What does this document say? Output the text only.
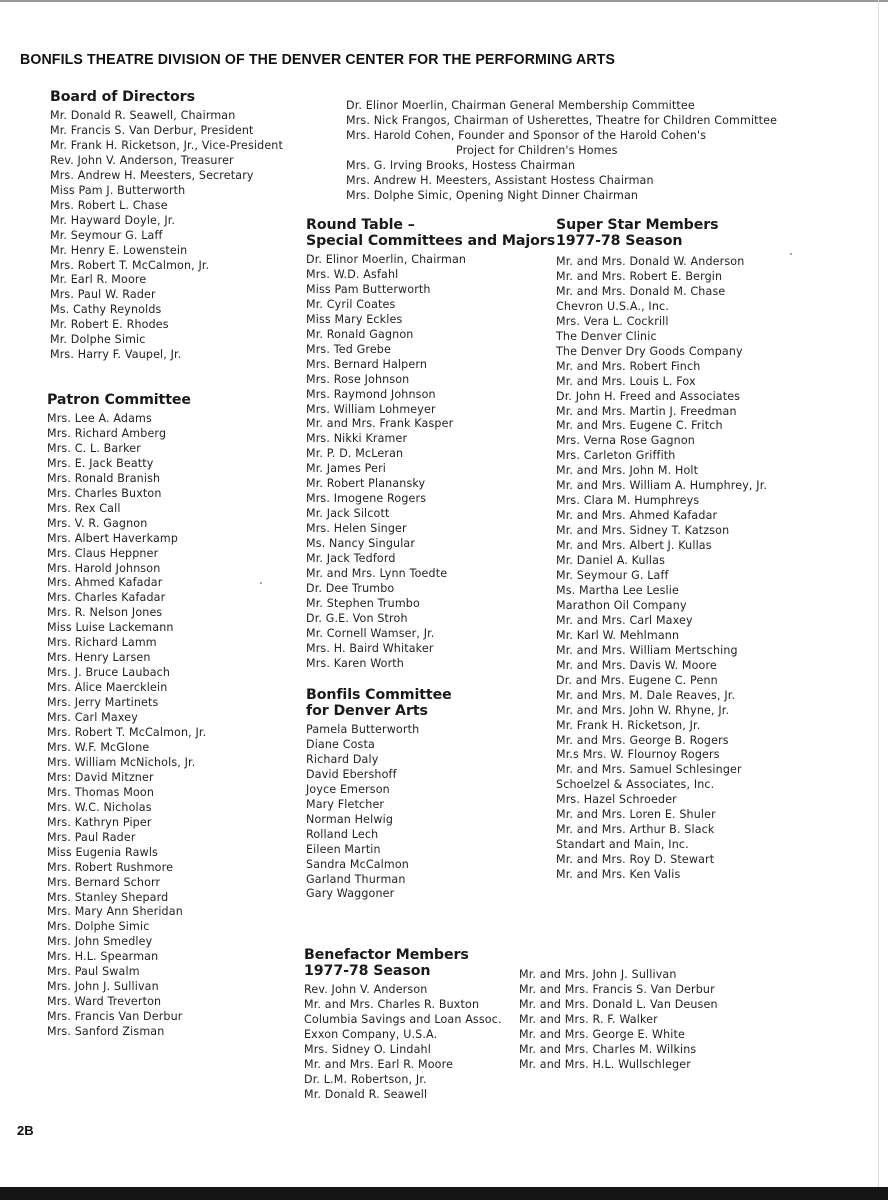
BONFILS THEATRE DIVISION OF THE DENVER CENTER FOR THE PERFORMING ARTS
Board of Directors
Mr. Donald R. Seawell, Chairman
Mr. Francis S. Van Derbur, President
Mr. Frank H. Ricketson, Jr., Vice-President
Rev. John V. Anderson, Treasurer
Mrs. Andrew H. Meesters, Secretary
Miss Pam J. Butterworth
Mrs. Robert L. Chase
Mr. Hayward Doyle, Jr.
Mr. Seymour G. Laff
Mr. Henry E. Lowenstein
Mrs. Robert T. McCalmon, Jr.
Mr. Earl R. Moore
Mrs. Paul W. Rader
Ms. Cathy Reynolds
Mr. Robert E. Rhodes
Mr. Dolphe Simic
Mrs. Harry F. Vaupel, Jr.
Dr. Elinor Moerlin, Chairman General Membership Committee
Mrs. Nick Frangos, Chairman of Usherettes, Theatre for Children Committee
Mrs. Harold Cohen, Founder and Sponsor of the Harold Cohen's
Project for Children's Homes
Mrs. G. Irving Brooks, Hostess Chairman
Mrs. Andrew H. Meesters, Assistant Hostess Chairman
Mrs. Dolphe Simic, Opening Night Dinner Chairman
Patron Committee
Mrs. Lee A. Adams
Mrs. Richard Amberg
Mrs. C. L. Barker
Mrs. E. Jack Beatty
Mrs. Ronald Branish
Mrs. Charles Buxton
Mrs. Rex Call
Mrs. V. R. Gagnon
Mrs. Albert Haverkamp
Mrs. Claus Heppner
Mrs. Harold Johnson
Mrs. Ahmed Kafadar
Mrs. Charles Kafadar
Mrs. R. Nelson Jones
Miss Luise Lackemann
Mrs. Richard Lamm
Mrs. Henry Larsen
Mrs. J. Bruce Laubach
Mrs. Alice Maercklein
Mrs. Jerry Martinets
Mrs. Carl Maxey
Mrs. Robert T. McCalmon, Jr.
Mrs. W.F. McGlone
Mrs. William McNichols, Jr.
Mrs: David Mitzner
Mrs. Thomas Moon
Mrs. W.C. Nicholas
Mrs. Kathryn Piper
Mrs. Paul Rader
Miss Eugenia Rawls
Mrs. Robert Rushmore
Mrs. Bernard Schorr
Mrs. Stanley Shepard
Mrs. Mary Ann Sheridan
Mrs. Dolphe Simic
Mrs. John Smedley
Mrs. H.L. Spearman
Mrs. Paul Swalm
Mrs. John J. Sullivan
Mrs. Ward Treverton
Mrs. Francis Van Derbur
Mrs. Sanford Zisman
Round Table –
Special Committees and Majors
Dr. Elinor Moerlin, Chairman
Mrs. W.D. Asfahl
Miss Pam Butterworth
Mr. Cyril Coates
Miss Mary Eckles
Mr. Ronald Gagnon
Mrs. Ted Grebe
Mrs. Bernard Halpern
Mrs. Rose Johnson
Mrs. Raymond Johnson
Mrs. William Lohmeyer
Mr. and Mrs. Frank Kasper
Mrs. Nikki Kramer
Mr. P. D. McLeran
Mr. James Peri
Mr. Robert Planansky
Mrs. Imogene Rogers
Mr. Jack Silcott
Mrs. Helen Singer
Ms. Nancy Singular
Mr. Jack Tedford
Mr. and Mrs. Lynn Toedte
Dr. Dee Trumbo
Mr. Stephen Trumbo
Dr. G.E. Von Stroh
Mr. Cornell Wamser, Jr.
Mrs. H. Baird Whitaker
Mrs. Karen Worth
Bonfils Committee
for Denver Arts
Pamela Butterworth
Diane Costa
Richard Daly
David Ebershoff
Joyce Emerson
Mary Fletcher
Norman Helwig
Rolland Lech
Eileen Martin
Sandra McCalmon
Garland Thurman
Gary Waggoner
Super Star Members
1977-78 Season
Mr. and Mrs. Donald W. Anderson
Mr. and Mrs. Robert E. Bergin
Mr. and Mrs. Donald M. Chase
Chevron U.S.A., Inc.
Mrs. Vera L. Cockrill
The Denver Clinic
The Denver Dry Goods Company
Mr. and Mrs. Robert Finch
Mr. and Mrs. Louis L. Fox
Dr. John H. Freed and Associates
Mr. and Mrs. Martin J. Freedman
Mr. and Mrs. Eugene C. Fritch
Mrs. Verna Rose Gagnon
Mrs. Carleton Griffith
Mr. and Mrs. John M. Holt
Mr. and Mrs. William A. Humphrey, Jr.
Mrs. Clara M. Humphreys
Mr. and Mrs. Ahmed Kafadar
Mr. and Mrs. Sidney T. Katzson
Mr. and Mrs. Albert J. Kullas
Mr. Daniel A. Kullas
Mr. Seymour G. Laff
Ms. Martha Lee Leslie
Marathon Oil Company
Mr. and Mrs. Carl Maxey
Mr. Karl W. Mehlmann
Mr. and Mrs. William Mertsching
Mr. and Mrs. Davis W. Moore
Dr. and Mrs. Eugene C. Penn
Mr. and Mrs. M. Dale Reaves, Jr.
Mr. and Mrs. John W. Rhyne, Jr.
Mr. Frank H. Ricketson, Jr.
Mr. and Mrs. George B. Rogers
Mr.s Mrs. W. Flournoy Rogers
Mr. and Mrs. Samuel Schlesinger
Schoelzel & Associates, Inc.
Mrs. Hazel Schroeder
Mr. and Mrs. Loren E. Shuler
Mr. and Mrs. Arthur B. Slack
Standart and Main, Inc.
Mr. and Mrs. Roy D. Stewart
Mr. and Mrs. Ken Valis
Benefactor Members
1977-78 Season
Rev. John V. Anderson
Mr. and Mrs. Charles R. Buxton
Columbia Savings and Loan Assoc.
Exxon Company, U.S.A.
Mrs. Sidney O. Lindahl
Mr. and Mrs. Earl R. Moore
Dr. L.M. Robertson, Jr.
Mr. Donald R. Seawell
Mr. and Mrs. John J. Sullivan
Mr. and Mrs. Francis S. Van Derbur
Mr. and Mrs. Donald L. Van Deusen
Mr. and Mrs. R. F. Walker
Mr. and Mrs. George E. White
Mr. and Mrs. Charles M. Wilkins
Mr. and Mrs. H.L. Wullschleger
2B
